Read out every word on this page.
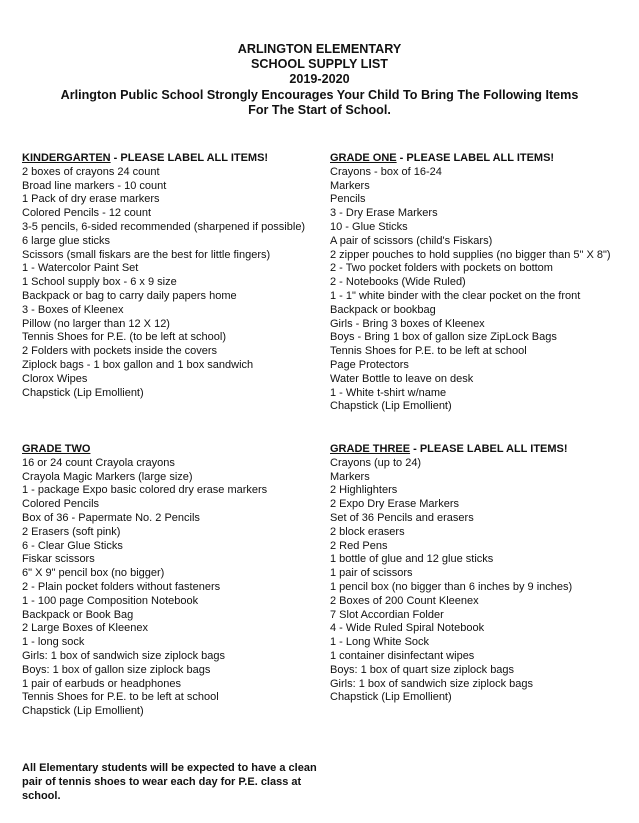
ARLINGTON ELEMENTARY
SCHOOL SUPPLY LIST
2019-2020
Arlington Public School Strongly Encourages Your Child To Bring The Following Items
For The Start of School.
KINDERGARTEN - PLEASE LABEL ALL ITEMS!
2 boxes of crayons 24 count
Broad line markers - 10 count
1 Pack of dry erase markers
Colored Pencils - 12 count
3-5 pencils, 6-sided recommended (sharpened if possible)
6 large glue sticks
Scissors (small fiskars are the best for little fingers)
1 - Watercolor Paint Set
1 School supply box - 6 x 9 size
Backpack or bag to carry daily papers home
3 - Boxes of Kleenex
Pillow (no larger than 12 X 12)
Tennis Shoes for P.E. (to be left at school)
2 Folders with pockets inside the covers
Ziplock bags - 1 box gallon and 1 box sandwich
Clorox Wipes
Chapstick (Lip Emollient)
GRADE ONE - PLEASE LABEL ALL ITEMS!
Crayons - box of 16-24
Markers
Pencils
3 - Dry Erase Markers
10 - Glue Sticks
A pair of scissors (child's Fiskars)
2 zipper pouches to hold supplies (no bigger than 5" X 8")
2 - Two pocket folders with pockets on bottom
2 - Notebooks (Wide Ruled)
1 - 1" white binder with the clear pocket on the front
Backpack or bookbag
Girls - Bring 3 boxes of Kleenex
Boys - Bring 1 box of gallon size ZipLock Bags
Tennis Shoes for P.E. to be left at school
Page Protectors
Water Bottle to leave on desk
1 - White t-shirt w/name
Chapstick (Lip Emollient)
GRADE TWO
16 or 24 count Crayola crayons
Crayola Magic Markers (large size)
1 - package Expo basic colored dry erase markers
Colored Pencils
Box of 36 - Papermate No. 2 Pencils
2 Erasers (soft pink)
6 - Clear Glue Sticks
Fiskar scissors
6" X 9" pencil box (no bigger)
2 - Plain pocket folders without fasteners
1 - 100 page Composition Notebook
Backpack or Book Bag
2 Large Boxes of Kleenex
1 - long sock
Girls: 1 box of sandwich size ziplock bags
Boys: 1 box of gallon size ziplock bags
1 pair of earbuds or headphones
Tennis Shoes for P.E. to be left at school
Chapstick (Lip Emollient)
GRADE THREE - PLEASE LABEL ALL ITEMS!
Crayons (up to 24)
Markers
2 Highlighters
2 Expo Dry Erase Markers
Set of 36 Pencils and erasers
2 block erasers
2 Red Pens
1 bottle of glue and 12 glue sticks
1 pair of scissors
1 pencil box (no bigger than 6 inches by 9 inches)
2 Boxes of 200 Count Kleenex
7 Slot Accordian Folder
4 - Wide Ruled Spiral Notebook
1 - Long White Sock
1 container disinfectant wipes
Boys: 1 box of quart size ziplock bags
Girls: 1 box of sandwich size ziplock bags
Chapstick (Lip Emollient)
All Elementary students will be expected to have a clean pair of tennis shoes to wear each day for P.E. class at school.
